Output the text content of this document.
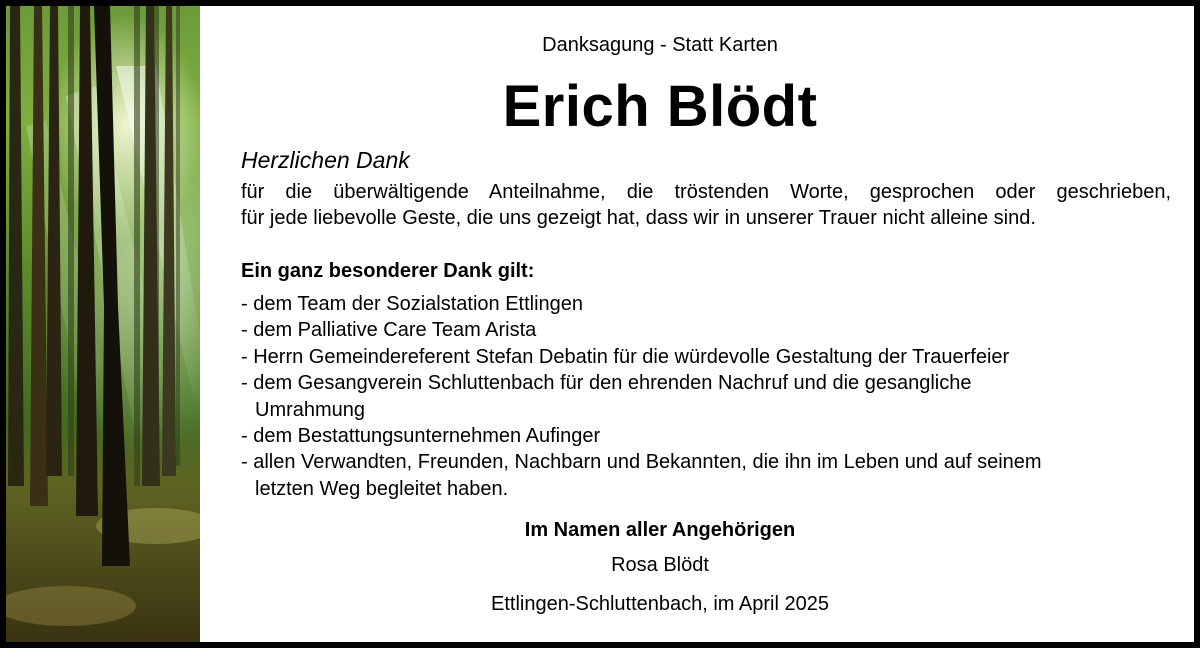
Danksagung - Statt Karten
Erich Blödt
Herzlichen Dank
für die überwältigende Anteilnahme, die tröstenden Worte, gesprochen oder geschrieben,
für jede liebevolle Geste, die uns gezeigt hat, dass wir in unserer Trauer nicht alleine sind.
Ein ganz besonderer Dank gilt:
- dem Team der Sozialstation Ettlingen
- dem Palliative Care Team Arista
- Herrn Gemeindereferent Stefan Debatin für die würdevolle Gestaltung der Trauerfeier
- dem Gesangverein Schluttenbach für den ehrenden Nachruf und die gesangliche
Umrahmung
- dem Bestattungsunternehmen Aufinger
- allen Verwandten, Freunden, Nachbarn und Bekannten, die ihn im Leben und auf seinem
letzten Weg begleitet haben.
Im Namen aller Angehörigen
Rosa Blödt
Ettlingen-Schluttenbach, im April 2025
